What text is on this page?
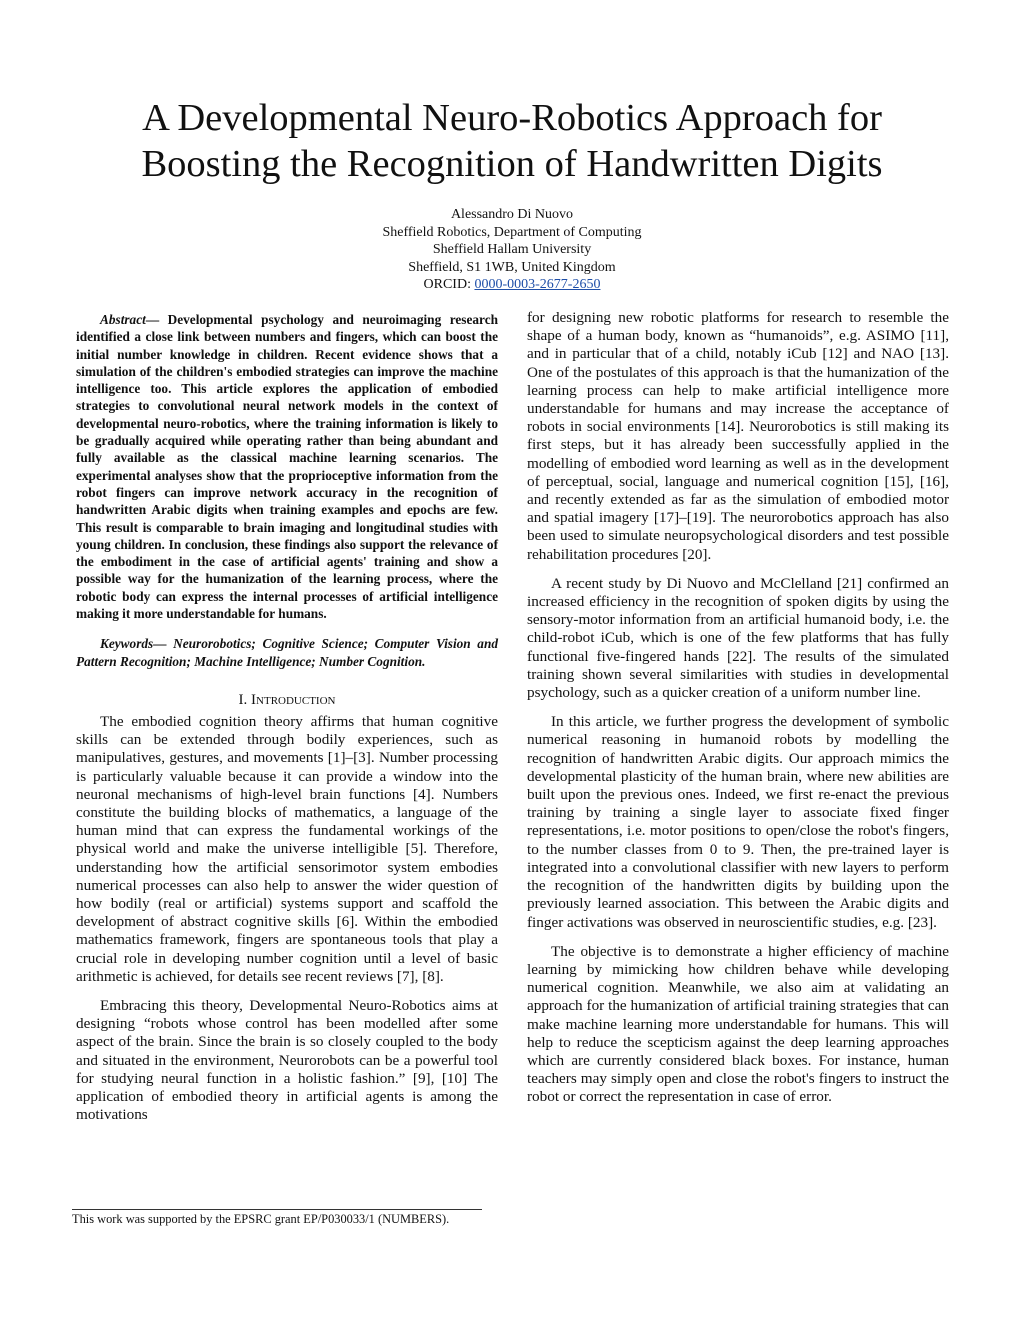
A Developmental Neuro-Robotics Approach for
Boosting the Recognition of Handwritten Digits
Alessandro Di Nuovo
Sheffield Robotics, Department of Computing
Sheffield Hallam University
Sheffield, S1 1WB, United Kingdom
ORCID: 0000-0003-2677-2650

Abstract— Developmental psychology and neuroimaging research identified a close link between numbers and fingers, which can boost the initial number knowledge in children. Recent evidence shows that a simulation of the children's embodied strategies can improve the machine intelligence too. This article explores the application of embodied strategies to convolutional neural network models in the context of developmental neuro-robotics, where the training information is likely to be gradually acquired while operating rather than being abundant and fully available as the classical machine learning scenarios. The experimental analyses show that the proprioceptive information from the robot fingers can improve network accuracy in the recognition of handwritten Arabic digits when training examples and epochs are few. This result is comparable to brain imaging and longitudinal studies with young children. In conclusion, these findings also support the relevance of the embodiment in the case of artificial agents' training and show a possible way for the humanization of the learning process, where the robotic body can express the internal processes of artificial intelligence making it more understandable for humans.

Keywords— Neurorobotics; Cognitive Science; Computer Vision and Pattern Recognition; Machine Intelligence; Number Cognition.

I. Introduction

The embodied cognition theory affirms that human cognitive skills can be extended through bodily experiences, such as manipulatives, gestures, and movements [1]–[3]. Number processing is particularly valuable because it can provide a window into the neuronal mechanisms of high-level brain functions [4]. Numbers constitute the building blocks of mathematics, a language of the human mind that can express the fundamental workings of the physical world and make the universe intelligible [5]. Therefore, understanding how the artificial sensorimotor system embodies numerical processes can also help to answer the wider question of how bodily (real or artificial) systems support and scaffold the development of abstract cognitive skills [6]. Within the embodied mathematics framework, fingers are spontaneous tools that play a crucial role in developing number cognition until a level of basic arithmetic is achieved, for details see recent reviews [7], [8].

Embracing this theory, Developmental Neuro-Robotics aims at designing “robots whose control has been modelled after some aspect of the brain. Since the brain is so closely coupled to the body and situated in the environment, Neurorobots can be a powerful tool for studying neural function in a holistic fashion.” [9], [10] The application of embodied theory in artificial agents is among the motivations

for designing new robotic platforms for research to resemble the shape of a human body, known as “humanoids”, e.g. ASIMO [11], and in particular that of a child, notably iCub [12] and NAO [13]. One of the postulates of this approach is that the humanization of the learning process can help to make artificial intelligence more understandable for humans and may increase the acceptance of robots in social environments [14]. Neurorobotics is still making its first steps, but it has already been successfully applied in the modelling of embodied word learning as well as in the development of perceptual, social, language and numerical cognition [15], [16], and recently extended as far as the simulation of embodied motor and spatial imagery [17]–[19]. The neurorobotics approach has also been used to simulate neuropsychological disorders and test possible rehabilitation procedures [20].

A recent study by Di Nuovo and McClelland [21] confirmed an increased efficiency in the recognition of spoken digits by using the sensory-motor information from an artificial humanoid body, i.e. the child-robot iCub, which is one of the few platforms that has fully functional five-fingered hands [22]. The results of the simulated training shown several similarities with studies in developmental psychology, such as a quicker creation of a uniform number line.

In this article, we further progress the development of symbolic numerical reasoning in humanoid robots by modelling the recognition of handwritten Arabic digits. Our approach mimics the developmental plasticity of the human brain, where new abilities are built upon the previous ones. Indeed, we first re-enact the previous training by training a single layer to associate fixed finger representations, i.e. motor positions to open/close the robot's fingers, to the number classes from 0 to 9. Then, the pre-trained layer is integrated into a convolutional classifier with new layers to perform the recognition of the handwritten digits by building upon the previously learned association. This between the Arabic digits and finger activations was observed in neuroscientific studies, e.g. [23].

The objective is to demonstrate a higher efficiency of machine learning by mimicking how children behave while developing numerical cognition. Meanwhile, we also aim at validating an approach for the humanization of artificial training strategies that can make machine learning more understandable for humans. This will help to reduce the scepticism against the deep learning approaches which are currently considered black boxes. For instance, human teachers may simply open and close the robot's fingers to instruct the robot or correct the representation in case of error.

This work was supported by the EPSRC grant EP/P030033/1 (NUMBERS).
